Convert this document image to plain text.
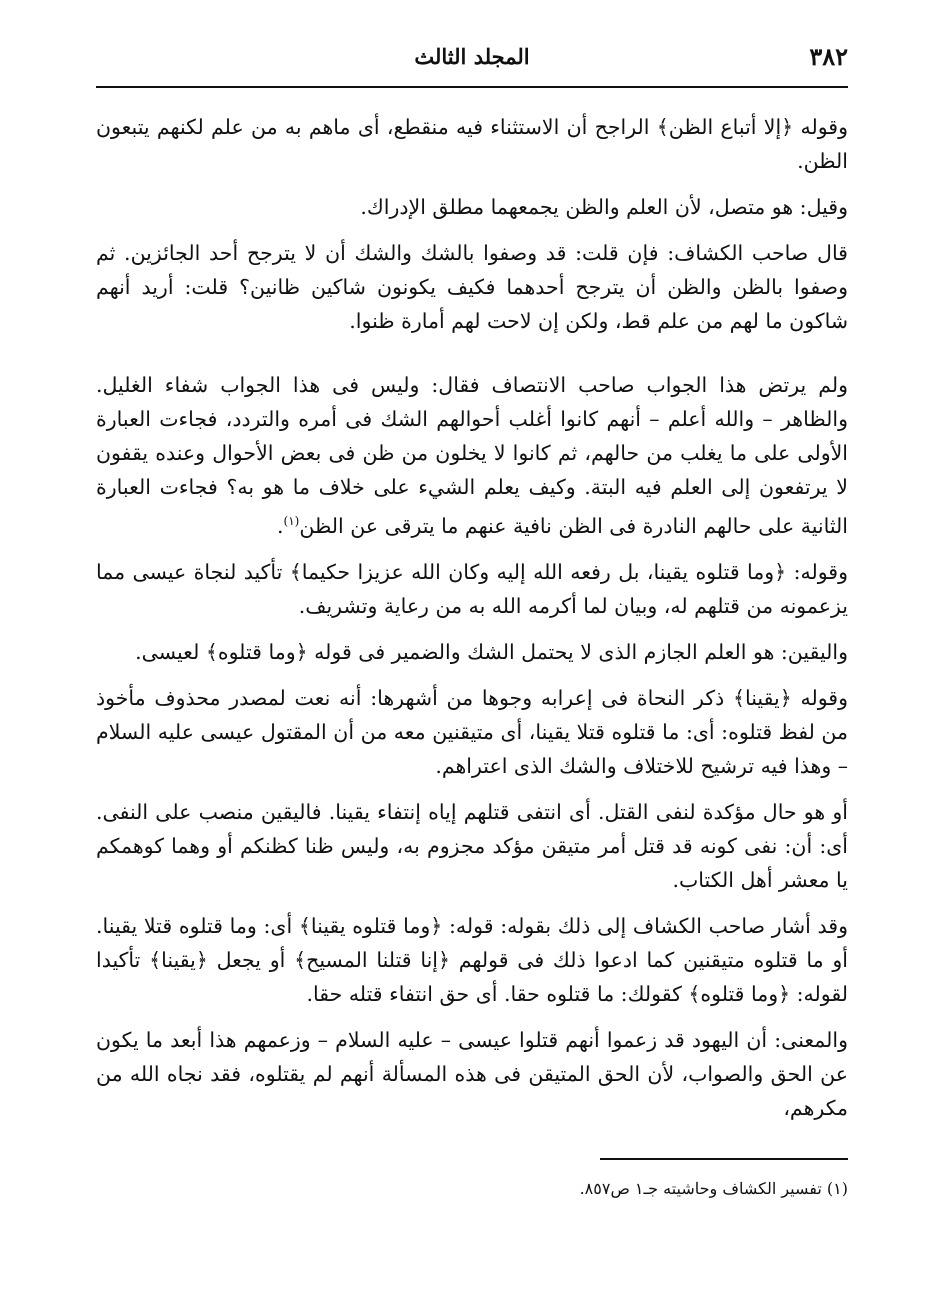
٣٨٢
المجلد الثالث

وقوله ﴿إلا أتباع الظن﴾ الراجح أن الاستثناء فيه منقطع، أى ماهم به من علم لكنهم يتبعون الظن.

وقيل: هو متصل، لأن العلم والظن يجمعهما مطلق الإدراك.

قال صاحب الكشاف: فإن قلت: قد وصفوا بالشك والشك أن لا يترجح أحد الجائزين. ثم وصفوا بالظن والظن أن يترجح أحدهما فكيف يكونون شاكين ظانين؟ قلت: أريد أنهم شاكون ما لهم من علم قط، ولكن إن لاحت لهم أمارة ظنوا.

ولم يرتض هذا الجواب صاحب الانتصاف فقال: وليس فى هذا الجواب شفاء الغليل. والظاهر – والله أعلم – أنهم كانوا أغلب أحوالهم الشك فى أمره والتردد، فجاءت العبارة الأولى على ما يغلب من حالهم، ثم كانوا لا يخلون من ظن فى بعض الأحوال وعنده يقفون لا يرتفعون إلى العلم فيه البتة. وكيف يعلم الشيء على خلاف ما هو به؟ فجاءت العبارة الثانية على حالهم النادرة فى الظن نافية عنهم ما يترقى عن الظن$^{(١)}$.

وقوله: ﴿وما قتلوه يقينا، بل رفعه الله إليه وكان الله عزيزا حكيما﴾ تأكيد لنجاة عيسى مما يزعمونه من قتلهم له، وبيان لما أكرمه الله به من رعاية وتشريف.

واليقين: هو العلم الجازم الذى لا يحتمل الشك والضمير فى قوله ﴿وما قتلوه﴾ لعيسى.

وقوله ﴿يقينا﴾ ذكر النحاة فى إعرابه وجوها من أشهرها: أنه نعت لمصدر محذوف مأخوذ من لفظ قتلوه: أى: ما قتلوه قتلا يقينا، أى متيقنين معه من أن المقتول عيسى عليه السلام – وهذا فيه ترشيح للاختلاف والشك الذى اعتراهم.

أو هو حال مؤكدة لنفى القتل. أى انتفى قتلهم إياه إنتفاء يقينا. فاليقين منصب على النفى. أى: أن: نفى كونه قد قتل أمر متيقن مؤكد مجزوم به، وليس ظنا كظنكم أو وهما كوهمكم يا معشر أهل الكتاب.

وقد أشار صاحب الكشاف إلى ذلك بقوله: قوله: ﴿وما قتلوه يقينا﴾ أى: وما قتلوه قتلا يقينا. أو ما قتلوه متيقنين كما ادعوا ذلك فى قولهم ﴿إنا قتلنا المسيح﴾ أو يجعل ﴿يقينا﴾ تأكيدا لقوله: ﴿وما قتلوه﴾ كقولك: ما قتلوه حقا. أى حق انتفاء قتله حقا.

والمعنى: أن اليهود قد زعموا أنهم قتلوا عيسى – عليه السلام – وزعمهم هذا أبعد ما يكون عن الحق والصواب، لأن الحق المتيقن فى هذه المسألة أنهم لم يقتلوه، فقد نجاه الله من مكرهم،

(١) تفسير الكشاف وحاشيته جـ١ ص٨٥٧.
